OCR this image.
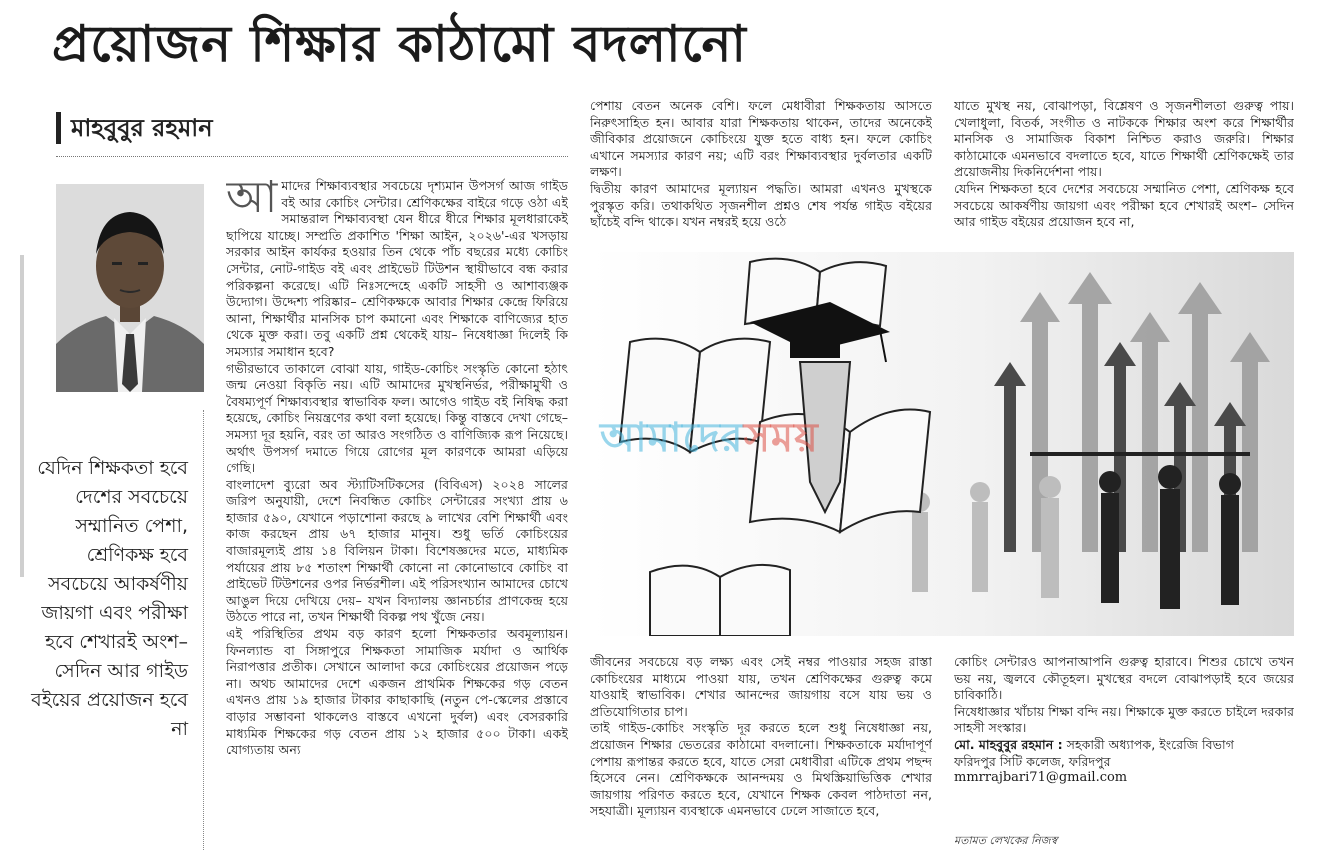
প্রয়োজন শিক্ষার কাঠামো বদলানো
মাহবুবুর রহমান
যেদিন শিক্ষকতা হবে দেশের সবচেয়ে সম্মানিত পেশা, শ্রেণিকক্ষ হবে সবচেয়ে আকর্ষণীয় জায়গা এবং পরীক্ষা হবে শেখারই অংশ– সেদিন আর গাইড বইয়ের প্রয়োজন হবে না
আ মাদের শিক্ষাব্যবস্থার সবচেয়ে দৃশ্যমান উপসর্গ আজ গাইড বই আর কোচিং সেন্টার। শ্রেণিকক্ষের বাইরে গড়ে ওঠা এই সমান্তরাল শিক্ষাব্যবস্থা যেন ধীরে ধীরে শিক্ষার মূলধারাকেই ছাপিয়ে যাচ্ছে। সম্প্রতি প্রকাশিত 'শিক্ষা আইন, ২০২৬'-এর খসড়ায় সরকার আইন কার্যকর হওয়ার তিন থেকে পাঁচ বছরের মধ্যে কোচিং সেন্টার, নোট-গাইড বই এবং প্রাইভেট টিউশন স্থায়ীভাবে বন্ধ করার পরিকল্পনা করেছে। এটি নিঃসন্দেহে একটি সাহসী ও আশাব্যঞ্জক উদ্যোগ। উদ্দেশ্য পরিষ্কার– শ্রেণিকক্ষকে আবার শিক্ষার কেন্দ্রে ফিরিয়ে আনা, শিক্ষার্থীর মানসিক চাপ কমানো এবং শিক্ষাকে বাণিজ্যের হাত থেকে মুক্ত করা। তবু একটি প্রশ্ন থেকেই যায়– নিষেধাজ্ঞা দিলেই কি সমস্যার সমাধান হবে?

গভীরভাবে তাকালে বোঝা যায়, গাইড-কোচিং সংস্কৃতি কোনো হঠাৎ জন্ম নেওয়া বিকৃতি নয়। এটি আমাদের মুখস্থনির্ভর, পরীক্ষামুখী ও বৈষম্যপূর্ণ শিক্ষাব্যবস্থার স্বাভাবিক ফল। আগেও গাইড বই নিষিদ্ধ করা হয়েছে, কোচিং নিয়ন্ত্রণের কথা বলা হয়েছে। কিন্তু বাস্তবে দেখা গেছে– সমস্যা দূর হয়নি, বরং তা আরও সংগঠিত ও বাণিজ্যিক রূপ নিয়েছে। অর্থাৎ উপসর্গ দমাতে গিয়ে রোগের মূল কারণকে আমরা এড়িয়ে গেছি।

বাংলাদেশ ব্যুরো অব স্ট্যাটিসটিকসের (বিবিএস) ২০২৪ সালের জরিপ অনুযায়ী, দেশে নিবন্ধিত কোচিং সেন্টারের সংখ্যা প্রায় ৬ হাজার ৫৯০, যেখানে পড়াশোনা করছে ৯ লাখের বেশি শিক্ষার্থী এবং কাজ করছেন প্রায় ৬৭ হাজার মানুষ। শুধু ভর্তি কোচিংয়ের বাজারমূল্যই প্রায় ১৪ বিলিয়ন টাকা। বিশেষজ্ঞদের মতে, মাধ্যমিক পর্যায়ের প্রায় ৮৫ শতাংশ শিক্ষার্থী কোনো না কোনোভাবে কোচিং বা প্রাইভেট টিউশনের ওপর নির্ভরশীল। এই পরিসংখ্যান আমাদের চোখে আঙুল দিয়ে দেখিয়ে দেয়– যখন বিদ্যালয় জ্ঞানচর্চার প্রাণকেন্দ্র হয়ে উঠতে পারে না, তখন শিক্ষার্থী বিকল্প পথ খুঁজে নেয়।

এই পরিস্থিতির প্রথম বড় কারণ হলো শিক্ষকতার অবমূল্যায়ন। ফিনল্যান্ড বা সিঙ্গাপুরে শিক্ষকতা সামাজিক মর্যাদা ও আর্থিক নিরাপত্তার প্রতীক। সেখানে আলাদা করে কোচিংয়ের প্রয়োজন পড়ে না। অথচ আমাদের দেশে একজন প্রাথমিক শিক্ষকের গড় বেতন এখনও প্রায় ১৯ হাজার টাকার কাছাকাছি (নতুন পে-স্কেলের প্রস্তাবে বাড়ার সম্ভাবনা থাকলেও বাস্তবে এখনো দুর্বল) এবং বেসরকারি মাধ্যমিক শিক্ষকের গড় বেতন প্রায় ১২ হাজার ৫০০ টাকা। একই যোগ্যতায় অন্য

পেশায় বেতন অনেক বেশি। ফলে মেধাবীরা শিক্ষকতায় আসতে নিরুৎসাহিত হন। আবার যারা শিক্ষকতায় থাকেন, তাদের অনেকেই জীবিকার প্রয়োজনে কোচিংয়ে যুক্ত হতে বাধ্য হন। ফলে কোচিং এখানে সমস্যার কারণ নয়; এটি বরং শিক্ষাব্যবস্থার দুর্বলতার একটি লক্ষণ।

দ্বিতীয় কারণ আমাদের মূল্যায়ন পদ্ধতি। আমরা এখনও মুখস্থকে পুরস্কৃত করি। তথাকথিত সৃজনশীল প্রশ্নও শেষ পর্যন্ত গাইড বইয়ের ছাঁচেই বন্দি থাকে। যখন নম্বরই হয়ে ওঠে

যাতে মুখস্থ নয়, বোঝাপড়া, বিশ্লেষণ ও সৃজনশীলতা গুরুত্ব পায়। খেলাধুলা, বিতর্ক, সংগীত ও নাটককে শিক্ষার অংশ করে শিক্ষার্থীর মানসিক ও সামাজিক বিকাশ নিশ্চিত করাও জরুরি। শিক্ষার কাঠামোকে এমনভাবে বদলাতে হবে, যাতে শিক্ষার্থী শ্রেণিকক্ষেই তার প্রয়োজনীয় দিকনির্দেশনা পায়।

যেদিন শিক্ষকতা হবে দেশের সবচেয়ে সম্মানিত পেশা, শ্রেণিকক্ষ হবে সবচেয়ে আকর্ষণীয় জায়গা এবং পরীক্ষা হবে শেখারই অংশ– সেদিন আর গাইড বইয়ের প্রয়োজন হবে না,

আমাদেরসময়

জীবনের সবচেয়ে বড় লক্ষ্য এবং সেই নম্বর পাওয়ার সহজ রাস্তা কোচিংয়ের মাধ্যমে পাওয়া যায়, তখন শ্রেণিকক্ষের গুরুত্ব কমে যাওয়াই স্বাভাবিক। শেখার আনন্দের জায়গায় বসে যায় ভয় ও প্রতিযোগিতার চাপ।

তাই গাইড-কোচিং সংস্কৃতি দূর করতে হলে শুধু নিষেধাজ্ঞা নয়, প্রয়োজন শিক্ষার ভেতরের কাঠামো বদলানো। শিক্ষকতাকে মর্যাদাপূর্ণ পেশায় রূপান্তর করতে হবে, যাতে সেরা মেধাবীরা এটিকে প্রথম পছন্দ হিসেবে নেন। শ্রেণিকক্ষকে আনন্দময় ও মিথস্ক্রিয়াভিত্তিক শেখার জায়গায় পরিণত করতে হবে, যেখানে শিক্ষক কেবল পাঠদাতা নন, সহযাত্রী। মূল্যায়ন ব্যবস্থাকে এমনভাবে ঢেলে সাজাতে হবে,

কোচিং সেন্টারও আপনাআপনি গুরুত্ব হারাবে। শিশুর চোখে তখন ভয় নয়, জ্বলবে কৌতূহল। মুখস্থের বদলে বোঝাপড়াই হবে জয়ের চাবিকাঠি।

নিষেধাজ্ঞার খাঁচায় শিক্ষা বন্দি নয়। শিক্ষাকে মুক্ত করতে চাইলে দরকার সাহসী সংস্কার।

মো. মাহবুবুর রহমান : সহকারী অধ্যাপক, ইংরেজি বিভাগ

ফরিদপুর সিটি কলেজ, ফরিদপুর

mmrrajbari71@gmail.com

মতামত লেখকের নিজস্ব
